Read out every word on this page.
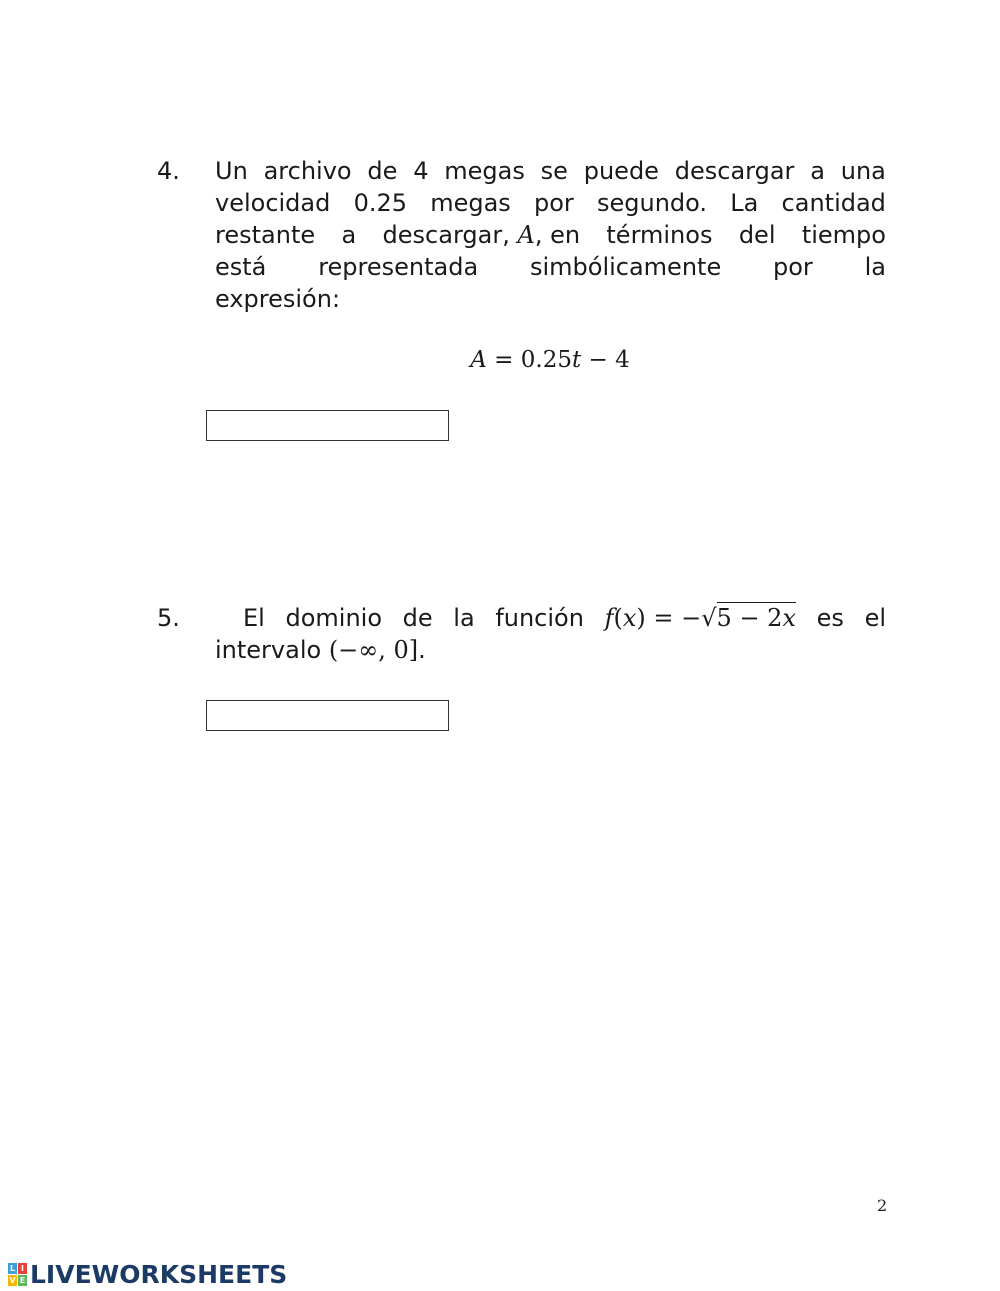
4. Un archivo de 4 megas se puede descargar a una
velocidad 0.25 megas por segundo. La cantidad
restante a descargar, A, en términos del tiempo
está representada simbólicamente por la
expresión:
A = 0.25t − 4
5.	El dominio de la función f(x) = −√5 − 2x es el
intervalo (−∞, 0].
2
L I
V E LIVEWORKSHEETS
